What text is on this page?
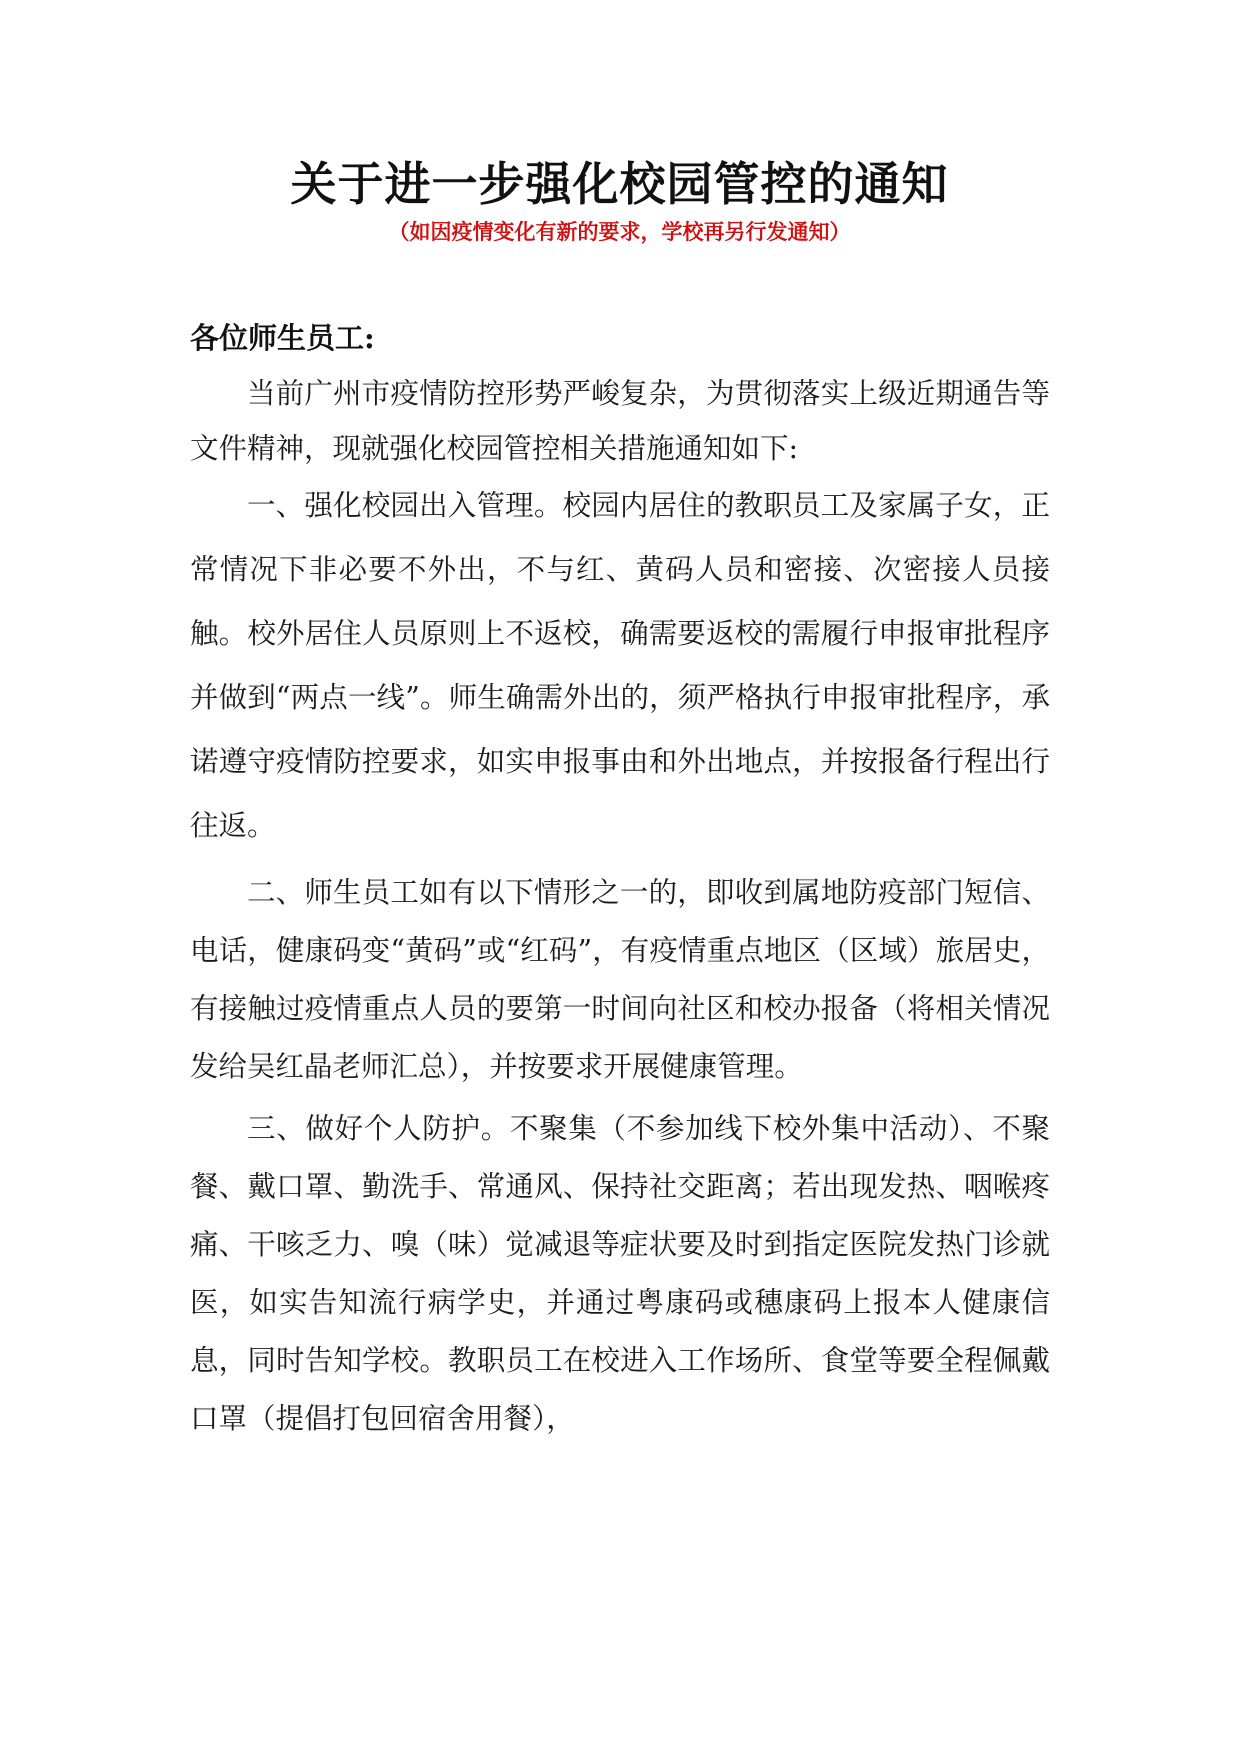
关于进一步强化校园管控的通知

（如因疫情变化有新的要求，学校再另行发通知）

各位师生员工:

当前广州市疫情防控形势严峻复杂，为贯彻落实上级近期通告等文件精神，现就强化校园管控相关措施通知如下:

一、强化校园出入管理。校园内居住的教职员工及家属子女，正常情况下非必要不外出，不与红、黄码人员和密接、次密接人员接触。校外居住人员原则上不返校，确需要返校的需履行申报审批程序并做到“两点一线”。师生确需外出的，须严格执行申报审批程序，承诺遵守疫情防控要求，如实申报事由和外出地点，并按报备行程出行往返。

二、师生员工如有以下情形之一的，即收到属地防疫部门短信、电话，健康码变“黄码”或“红码”，有疫情重点地区（区域）旅居史，有接触过疫情重点人员的要第一时间向社区和校办报备（将相关情况发给吴红晶老师汇总），并按要求开展健康管理。

三、做好个人防护。不聚集（不参加线下校外集中活动）、不聚餐、戴口罩、勤洗手、常通风、保持社交距离；若出现发热、咽喉疼痛、干咳乏力、嗅（味）觉减退等症状要及时到指定医院发热门诊就医，如实告知流行病学史，并通过粤康码或穗康码上报本人健康信息，同时告知学校。教职员工在校进入工作场所、食堂等要全程佩戴口罩（提倡打包回宿舍用餐），
